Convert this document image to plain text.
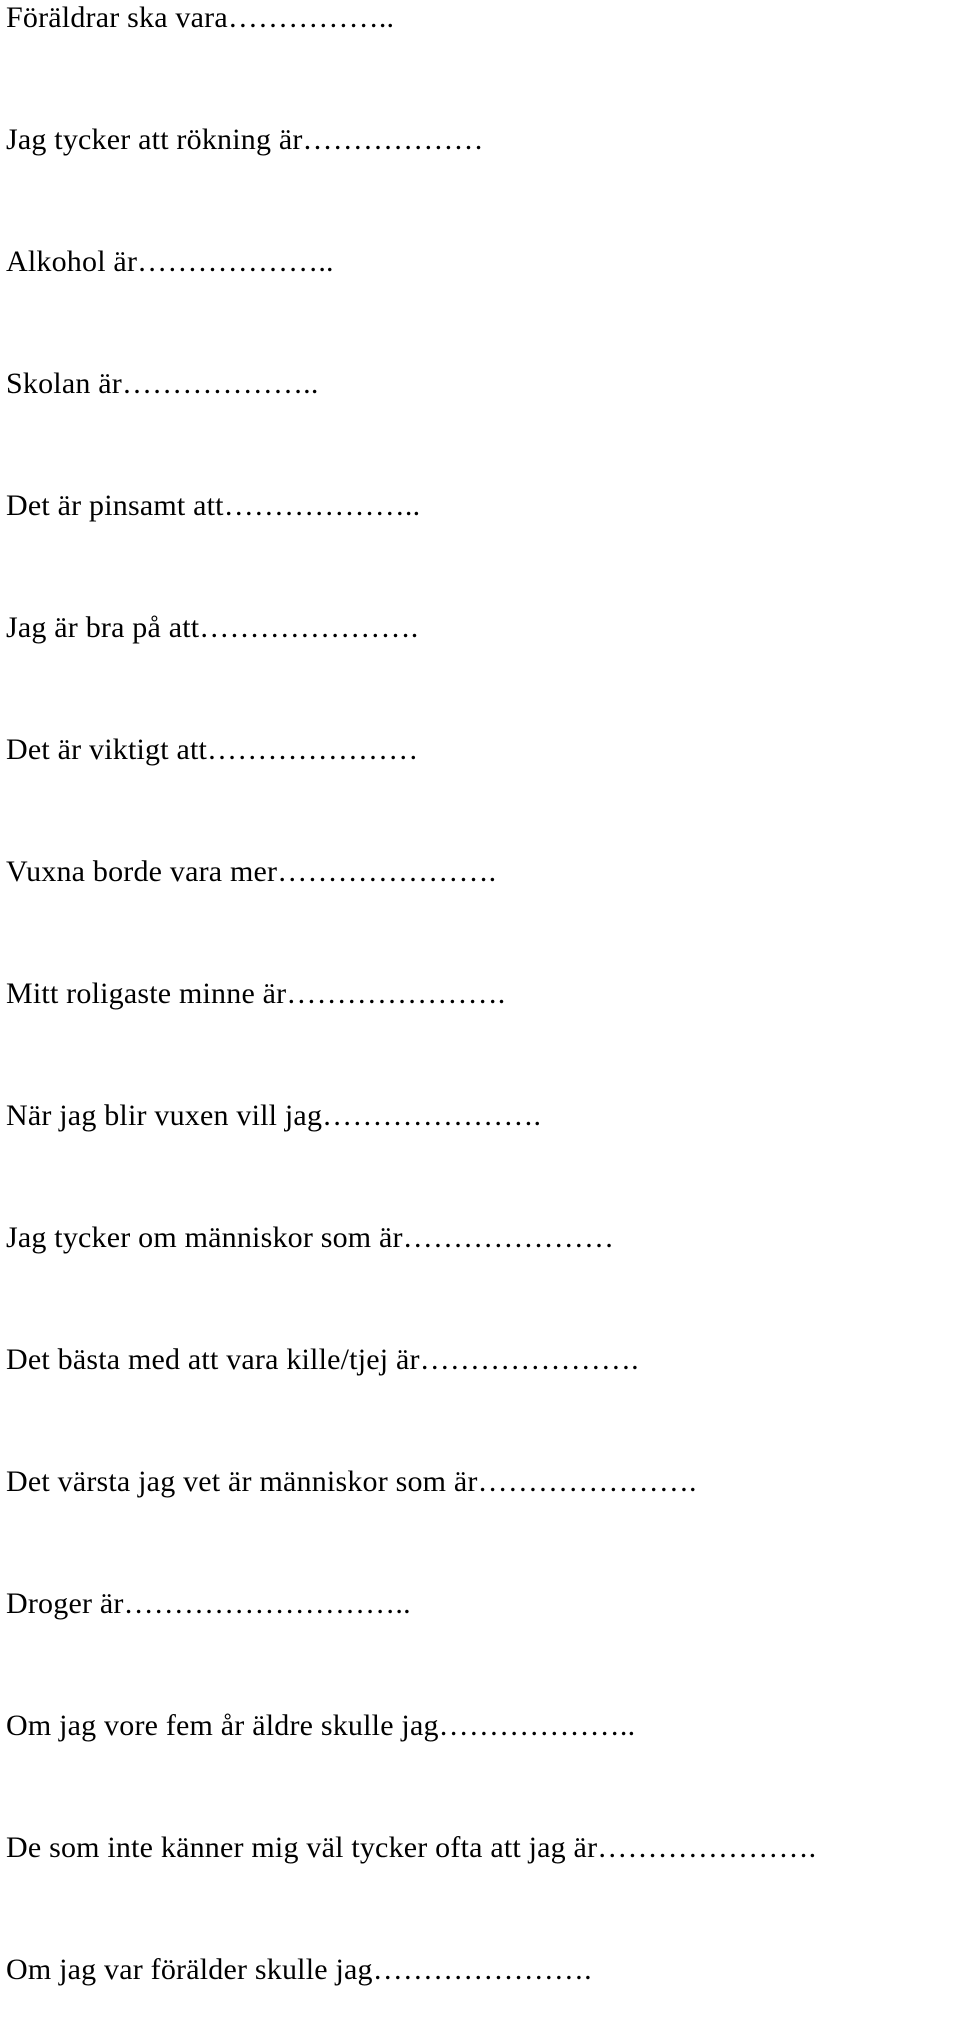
Föräldrar ska vara……………..
Jag tycker att rökning är………………
Alkohol är………………..
Skolan är………………..
Det är pinsamt att………………..
Jag är bra på att………………….
Det är viktigt att…………………
Vuxna borde vara mer………………….
Mitt roligaste minne är………………….
När jag blir vuxen vill jag………………….
Jag tycker om människor som är…………………
Det bästa med att vara kille/tjej är………………….
Det värsta jag vet är människor som är………………….
Droger är………………………..
Om jag vore fem år äldre skulle jag………………..
De som inte känner mig väl tycker ofta att jag är………………….
Om jag var förälder skulle jag………………….
